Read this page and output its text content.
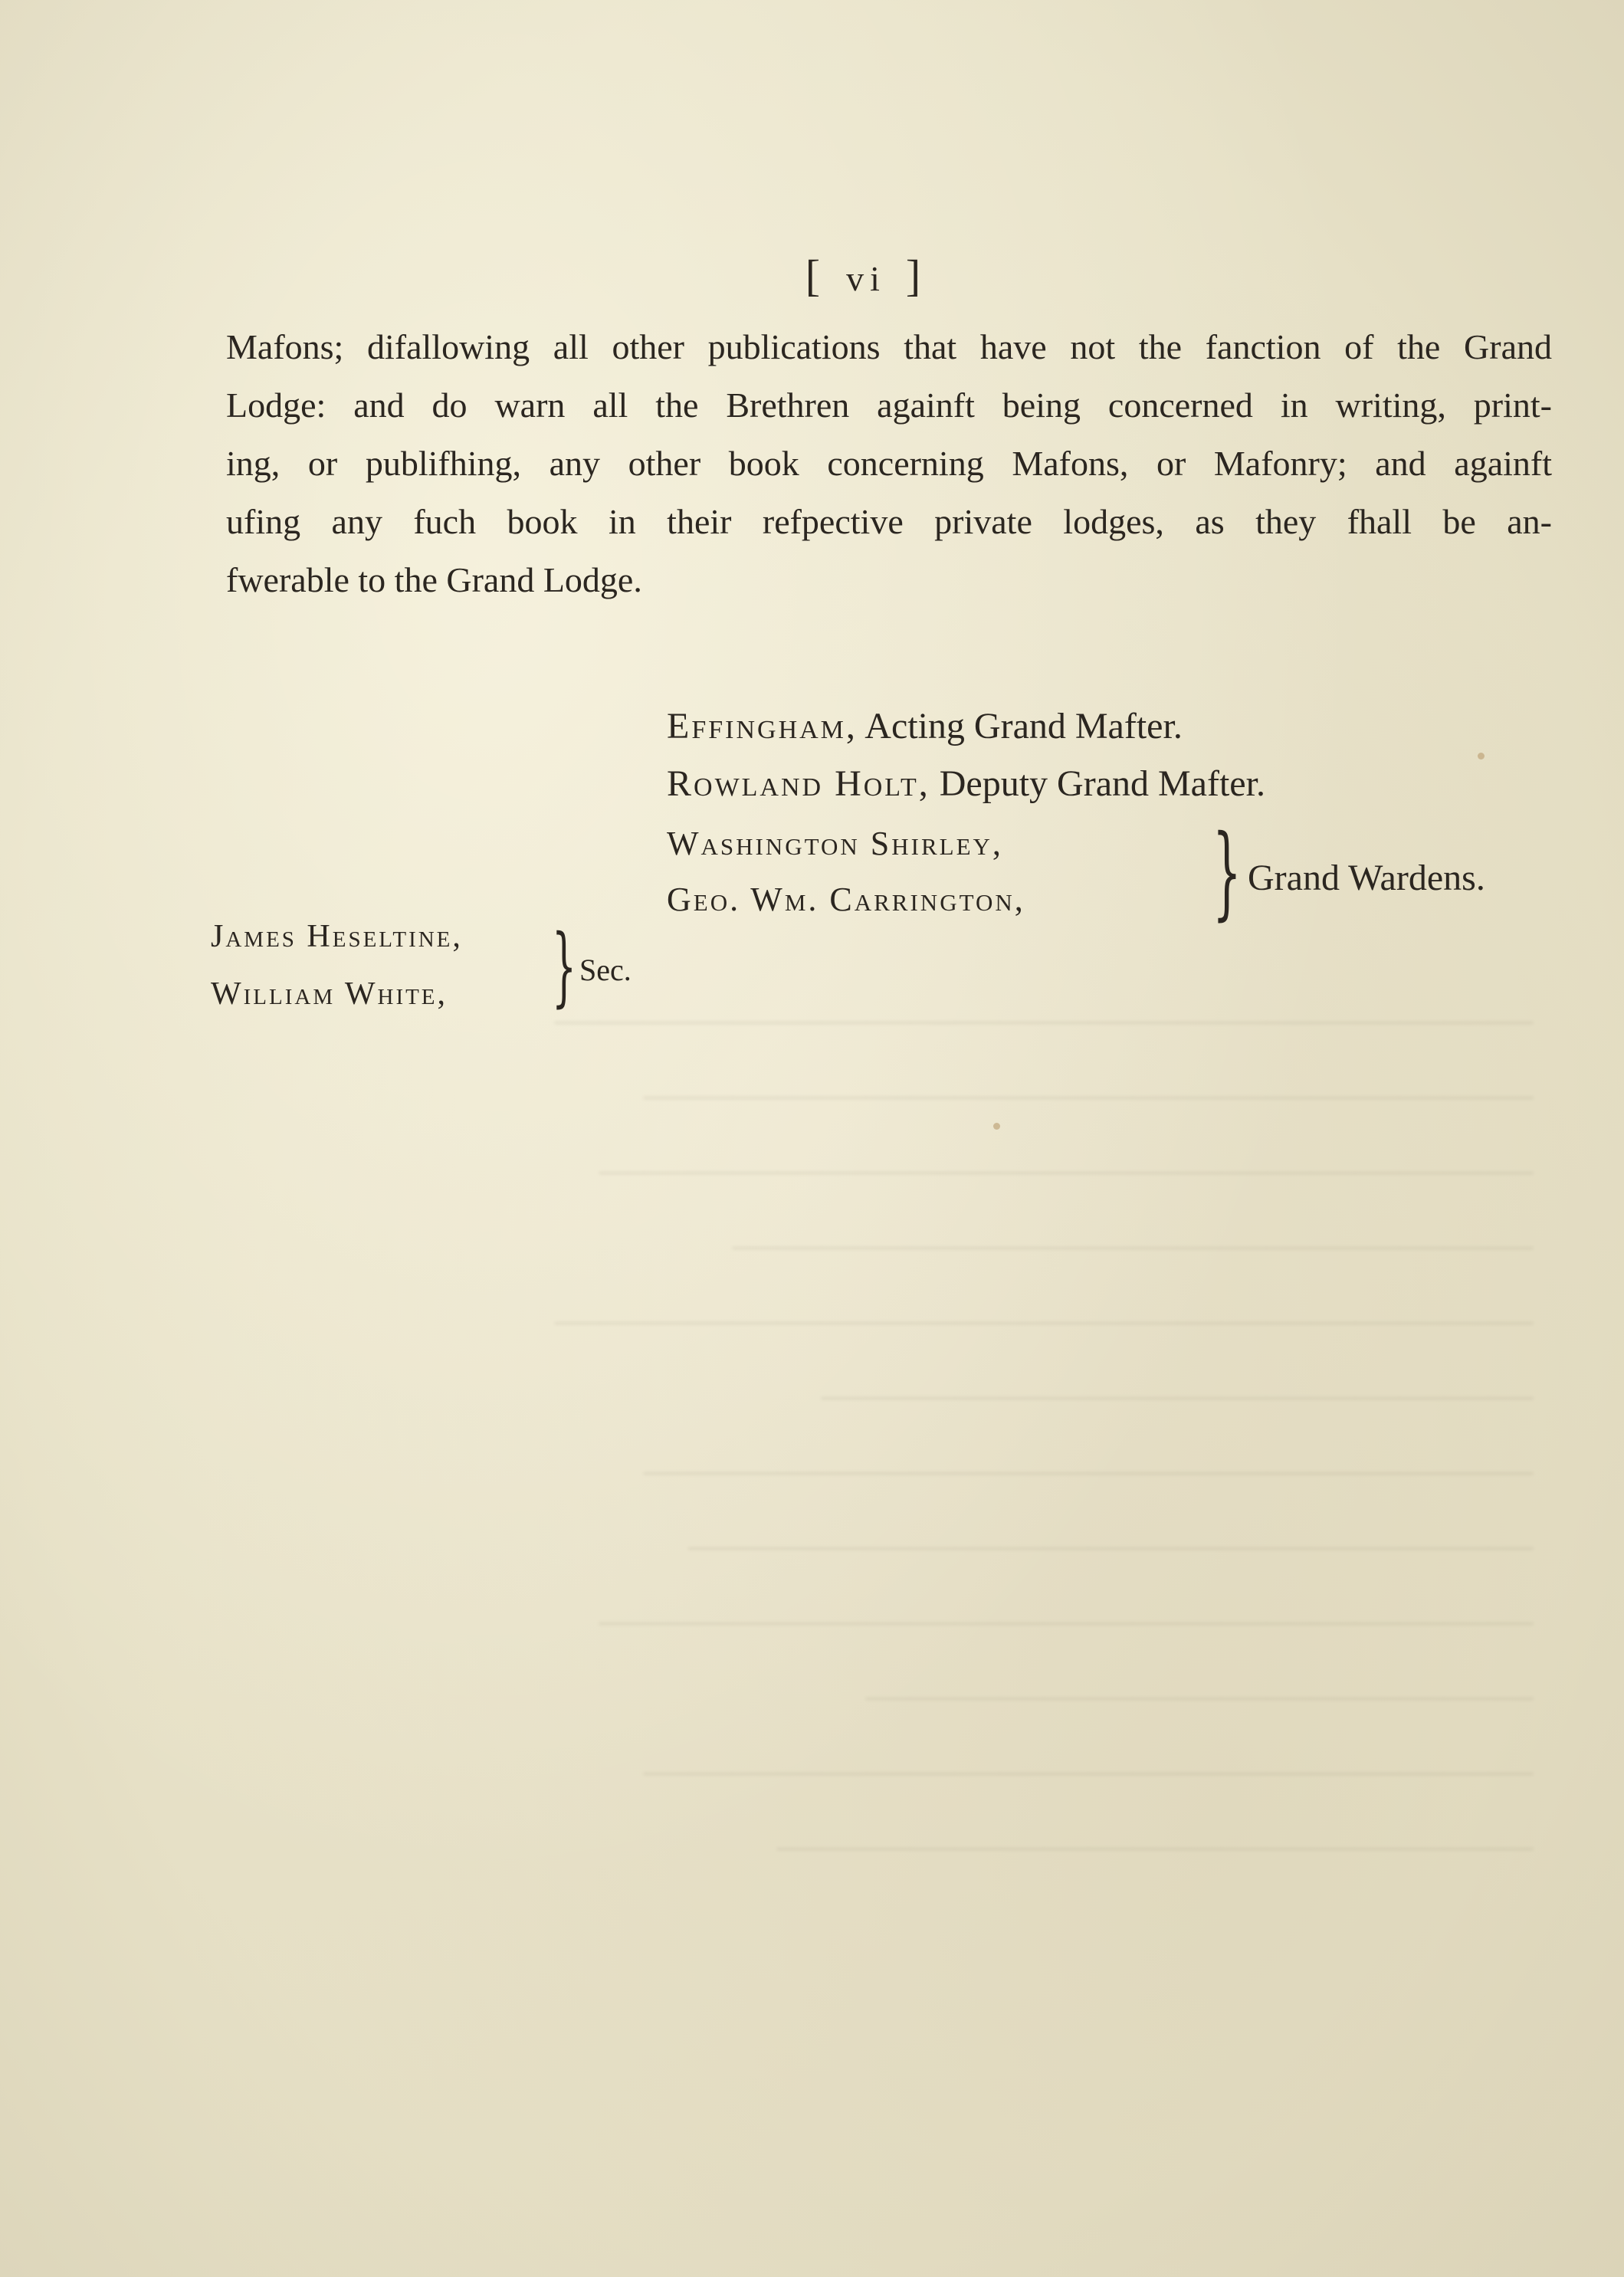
——————————————————————
————————————————————
—————————————————————
——————————————————
——————————————————————
————————————————
————————————————————
———————————————————
—————————————————————
———————————————
————————————————————
—————————————————
[ vi ]
Mafons; difallowing all other publications that have not the fanction of the Grand
Lodge: and do warn all the Brethren againft being concerned in writing, print-
ing, or publifhing, any other book concerning Mafons, or Mafonry; and againft
ufing any fuch book in their refpective private lodges, as they fhall be an-
fwerable to the Grand Lodge.
Effingham, Acting Grand Mafter.
Rowland Holt, Deputy Grand Mafter.
Washington Shirley,
Geo. Wm. Carrington, } Grand Wardens.
James Heseltine,
William White, } Sec.
